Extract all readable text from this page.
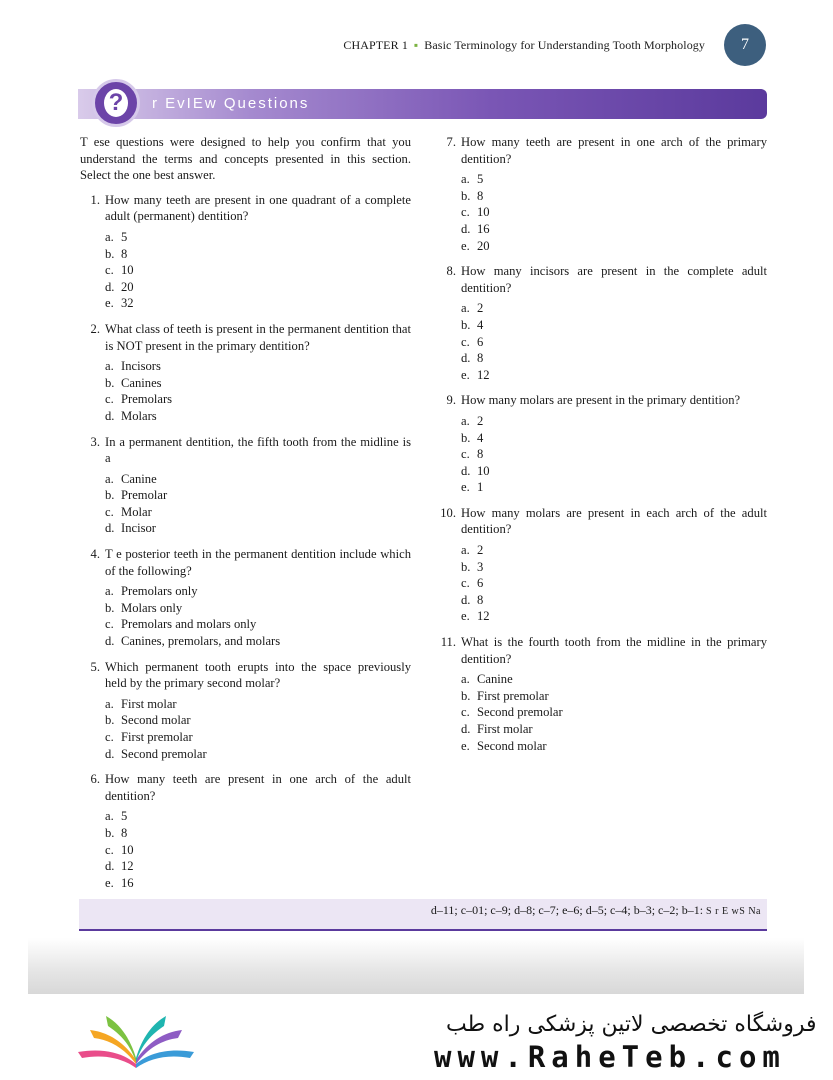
CHAPTER 1 ▪ Basic Terminology for Understanding Tooth Morphology	7
?	r EvIEw Questions

T ese questions were designed to help you confirm that you understand the terms and concepts presented in this section. Select the one best answer.

1. How many teeth are present in one quadrant of a complete adult (permanent) dentition?
a. 5
b. 8
c. 10
d. 20
e. 32
2. What class of teeth is present in the permanent dentition that is NOT present in the primary dentition?
a. Incisors
b. Canines
c. Premolars
d. Molars
3. In a permanent dentition, the fifth tooth from the midline is a
a. Canine
b. Premolar
c. Molar
d. Incisor
4. T e posterior teeth in the permanent dentition include which of the following?
a. Premolars only
b. Molars only
c. Premolars and molars only
d. Canines, premolars, and molars
5. Which permanent tooth erupts into the space previously held by the primary second molar?
a. First molar
b. Second molar
c. First premolar
d. Second premolar
6. How many teeth are present in one arch of the adult dentition?
a. 5
b. 8
c. 10
d. 12
e. 16
7. How many teeth are present in one arch of the primary dentition?
a. 5
b. 8
c. 10
d. 16
e. 20
8. How many incisors are present in the complete adult dentition?
a. 2
b. 4
c. 6
d. 8
e. 12
9. How many molars are present in the primary dentition?
a. 2
b. 4
c. 8
d. 10
e. 1
10. How many molars are present in each arch of the adult dentition?
a. 2
b. 3
c. 6
d. 8
e. 12
11. What is the fourth tooth from the midline in the primary dentition?
a. Canine
b. First premolar
c. Second premolar
d. First molar
e. Second molar
d–11; c–01; c–9; d–8; c–7; e–6; d–5; c–4; b–3; c–2; b–1: S r E wS Na
فروشگاه تخصصی لاتین پزشکی راه طب
www.RaheTeb.com
